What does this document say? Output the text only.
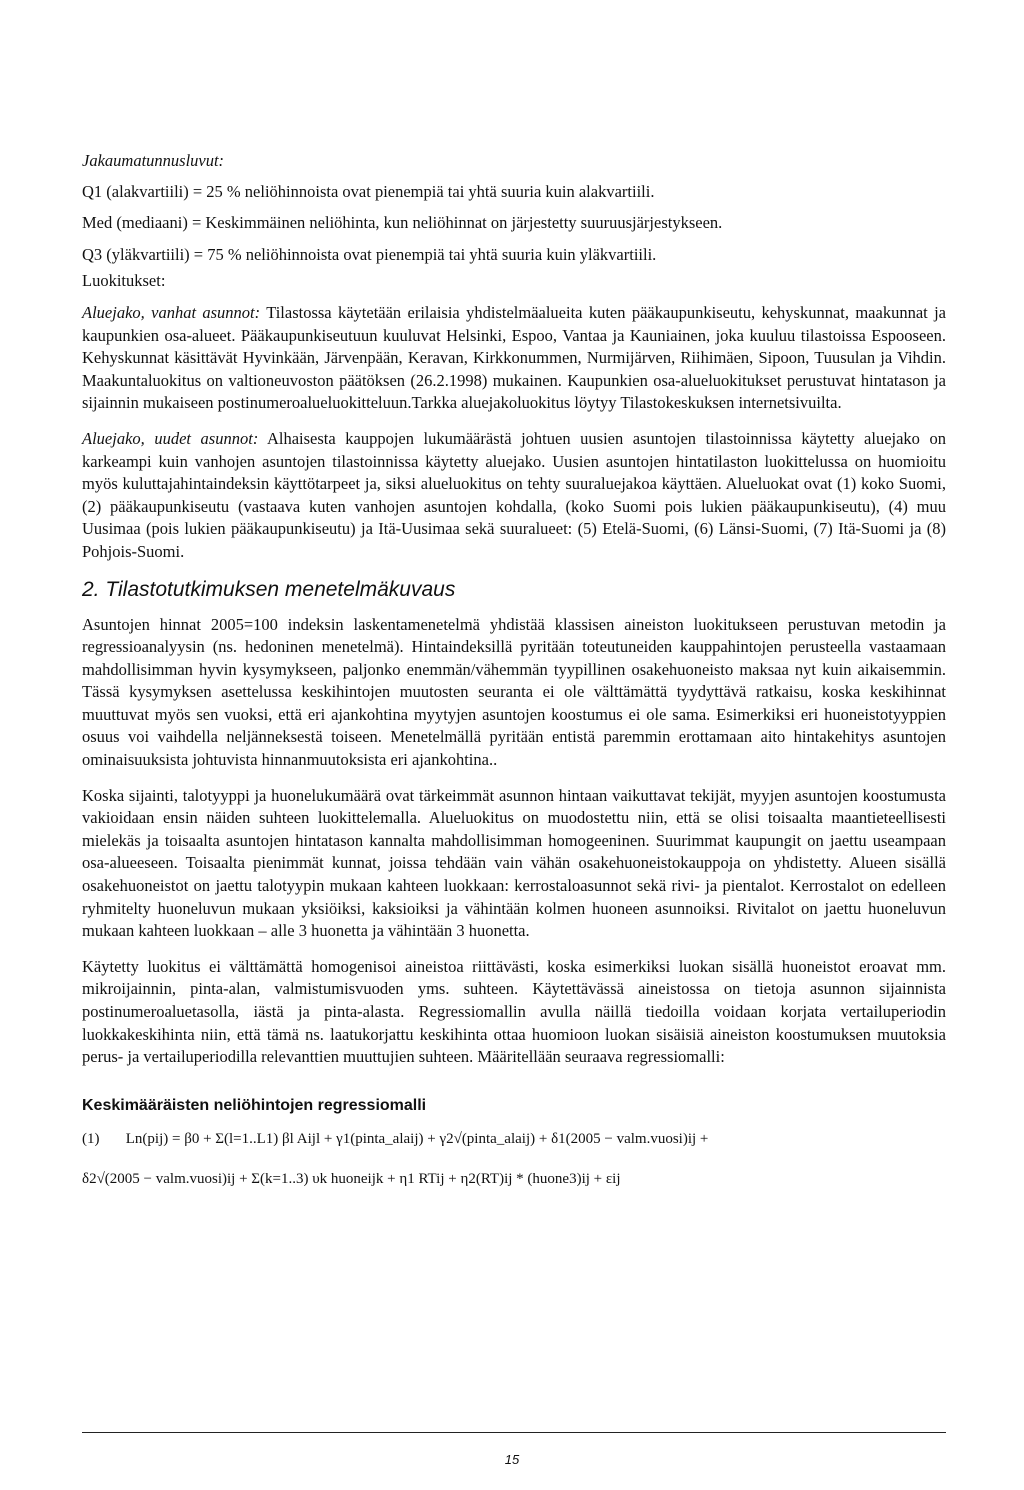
Jakaumatunnusluvut:

Q1 (alakvartiili) = 25 % neliöhinnoista ovat pienempiä tai yhtä suuria kuin alakvartiili.

Med (mediaani) = Keskimmäinen neliöhinta, kun neliöhinnat on järjestetty suuruusjärjestykseen.

Q3 (yläkvartiili) = 75 % neliöhinnoista ovat pienempiä tai yhtä suuria kuin yläkvartiili.

Luokitukset:

Aluejako, vanhat asunnot: Tilastossa käytetään erilaisia yhdistelmäalueita kuten pääkaupunkiseutu, kehyskunnat, maakunnat ja kaupunkien osa-alueet. Pääkaupunkiseutuun kuuluvat Helsinki, Espoo, Vantaa ja Kauniainen, joka kuuluu tilastoissa Espooseen. Kehyskunnat käsittävät Hyvinkään, Järvenpään, Keravan, Kirkkonummen, Nurmijärven, Riihimäen, Sipoon, Tuusulan ja Vihdin. Maakuntaluokitus on valtioneuvoston päätöksen (26.2.1998) mukainen. Kaupunkien osa-alueluokitukset perustuvat hintatason ja sijainnin mukaiseen postinumeroalueluokitteluun.Tarkka aluejakoluokitus löytyy Tilastokeskuksen internetsivuilta.

Aluejako, uudet asunnot: Alhaisesta kauppojen lukumäärästä johtuen uusien asuntojen tilastoinnissa käytetty aluejako on karkeampi kuin vanhojen asuntojen tilastoinnissa käytetty aluejako. Uusien asuntojen hintatilaston luokittelussa on huomioitu myös kuluttajahintaindeksin käyttötarpeet ja, siksi alueluokitus on tehty suuraluejakoa käyttäen. Alueluokat ovat (1) koko Suomi, (2) pääkaupunkiseutu (vastaava kuten vanhojen asuntojen kohdalla, (koko Suomi pois lukien pääkaupunkiseutu), (4) muu Uusimaa (pois lukien pääkaupunkiseutu) ja Itä-Uusimaa sekä suuralueet: (5) Etelä-Suomi, (6) Länsi-Suomi, (7) Itä-Suomi ja (8) Pohjois-Suomi.

2. Tilastotutkimuksen menetelmäkuvaus

Asuntojen hinnat 2005=100 indeksin laskentamenetelmä yhdistää klassisen aineiston luokitukseen perustuvan metodin ja regressioanalyysin (ns. hedoninen menetelmä). Hintaindeksillä pyritään toteutuneiden kauppahintojen perusteella vastaamaan mahdollisimman hyvin kysymykseen, paljonko enemmän/vähemmän tyypillinen osakehuoneisto maksaa nyt kuin aikaisemmin. Tässä kysymyksen asettelussa keskihintojen muutosten seuranta ei ole välttämättä tyydyttävä ratkaisu, koska keskihinnat muuttuvat myös sen vuoksi, että eri ajankohtina myytyjen asuntojen koostumus ei ole sama. Esimerkiksi eri huoneistotyyppien osuus voi vaihdella neljänneksestä toiseen. Menetelmällä pyritään entistä paremmin erottamaan aito hintakehitys asuntojen ominaisuuksista johtuvista hinnanmuutoksista eri ajankohtina..

Koska sijainti, talotyyppi ja huonelukumäärä ovat tärkeimmät asunnon hintaan vaikuttavat tekijät, myyjen asuntojen koostumusta vakioidaan ensin näiden suhteen luokittelemalla. Alueluokitus on muodostettu niin, että se olisi toisaalta maantieteellisesti mielekäs ja toisaalta asuntojen hintatason kannalta mahdollisimman homogeeninen. Suurimmat kaupungit on jaettu useampaan osa-alueeseen. Toisaalta pienimmät kunnat, joissa tehdään vain vähän osakehuoneistokauppoja on yhdistetty. Alueen sisällä osakehuoneistot on jaettu talotyypin mukaan kahteen luokkaan: kerrostaloasunnot sekä rivi- ja pientalot. Kerrostalot on edelleen ryhmitelty huoneluvun mukaan yksiöiksi, kaksioiksi ja vähintään kolmen huoneen asunnoiksi. Rivitalot on jaettu huoneluvun mukaan kahteen luokkaan – alle 3 huonetta ja vähintään 3 huonetta.

Käytetty luokitus ei välttämättä homogenisoi aineistoa riittävästi, koska esimerkiksi luokan sisällä huoneistot eroavat mm. mikroijainnin, pinta-alan, valmistumisvuoden yms. suhteen. Käytettävässä aineistossa on tietoja asunnon sijainnista postinumeroaluetasolla, iästä ja pinta-alasta. Regressiomallin avulla näillä tiedoilla voidaan korjata vertailuperiodin luokkakeskihinta niin, että tämä ns. laatukorjattu keskihinta ottaa huomioon luokan sisäisiä aineiston koostumuksen muutoksia perus- ja vertailuperiodilla relevanttien muuttujien suhteen. Määritellään seuraava regressiomalli:

Keskimääräisten neliöhintojen regressiomalli
(1) Ln(pij) = β0 + Σ(l=1..L1) βl Aijl + γ1(pinta_alaij) + γ2√(pinta_alaij) + δ1(2005 − valm.vuosi)ij +
δ2√(2005 − valm.vuosi)ij + Σ(k=1..3) υk huoneijk + η1 RTij + η2(RT)ij * (huone3)ij + εij
15
